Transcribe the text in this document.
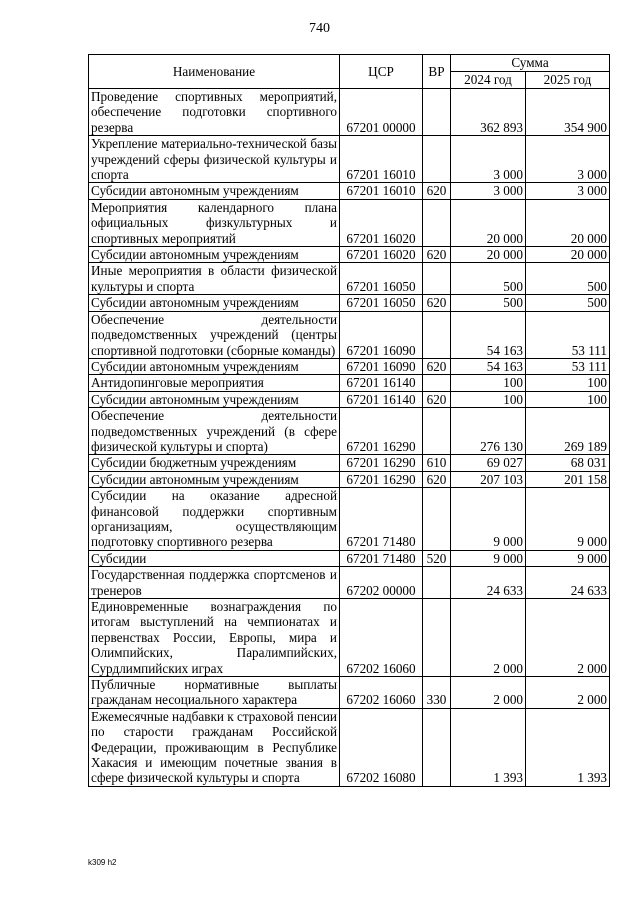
740
Наименование	ЦСР	ВР	Сумма	
			2024 год	2025 год
Проведение спортивных мероприятий, обеспечение подготовки спортивного резерва	67201 00000		362 893	354 900
Укрепление материально-технической базы учреждений сферы физической культуры и спорта	67201 16010		3 000	3 000
Субсидии автономным учреждениям	67201 16010	620	3 000	3 000
Мероприятия календарного плана официальных физкультурных и спортивных мероприятий	67201 16020		20 000	20 000
Субсидии автономным учреждениям	67201 16020	620	20 000	20 000
Иные мероприятия в области физической культуры и спорта	67201 16050		500	500
Субсидии автономным учреждениям	67201 16050	620	500	500
Обеспечение деятельности подведомственных учреждений (центры спортивной подготовки (сборные команды)	67201 16090		54 163	53 111
Субсидии автономным учреждениям	67201 16090	620	54 163	53 111
Антидопинговые мероприятия	67201 16140		100	100
Субсидии автономным учреждениям	67201 16140	620	100	100
Обеспечение деятельности подведомственных учреждений (в сфере физической культуры и спорта)	67201 16290		276 130	269 189
Субсидии бюджетным учреждениям	67201 16290	610	69 027	68 031
Субсидии автономным учреждениям	67201 16290	620	207 103	201 158
Субсидии на оказание адресной финансовой поддержки спортивным организациям, осуществляющим подготовку спортивного резерва	67201 71480		9 000	9 000
Субсидии	67201 71480	520	9 000	9 000
Государственная поддержка спортсменов и тренеров	67202 00000		24 633	24 633
Единовременные вознаграждения по итогам выступлений на чемпионатах и первенствах России, Европы, мира и Олимпийских, Паралимпийских, Сурдлимпийских играх	67202 16060		2 000	2 000
Публичные нормативные выплаты гражданам несоциального характера	67202 16060	330	2 000	2 000
Ежемесячные надбавки к страховой пенсии по старости гражданам Российской Федерации, проживающим в Республике Хакасия и имеющим почетные звания в сфере физической культуры и спорта	67202 16080		1 393	1 393
k309 h2
